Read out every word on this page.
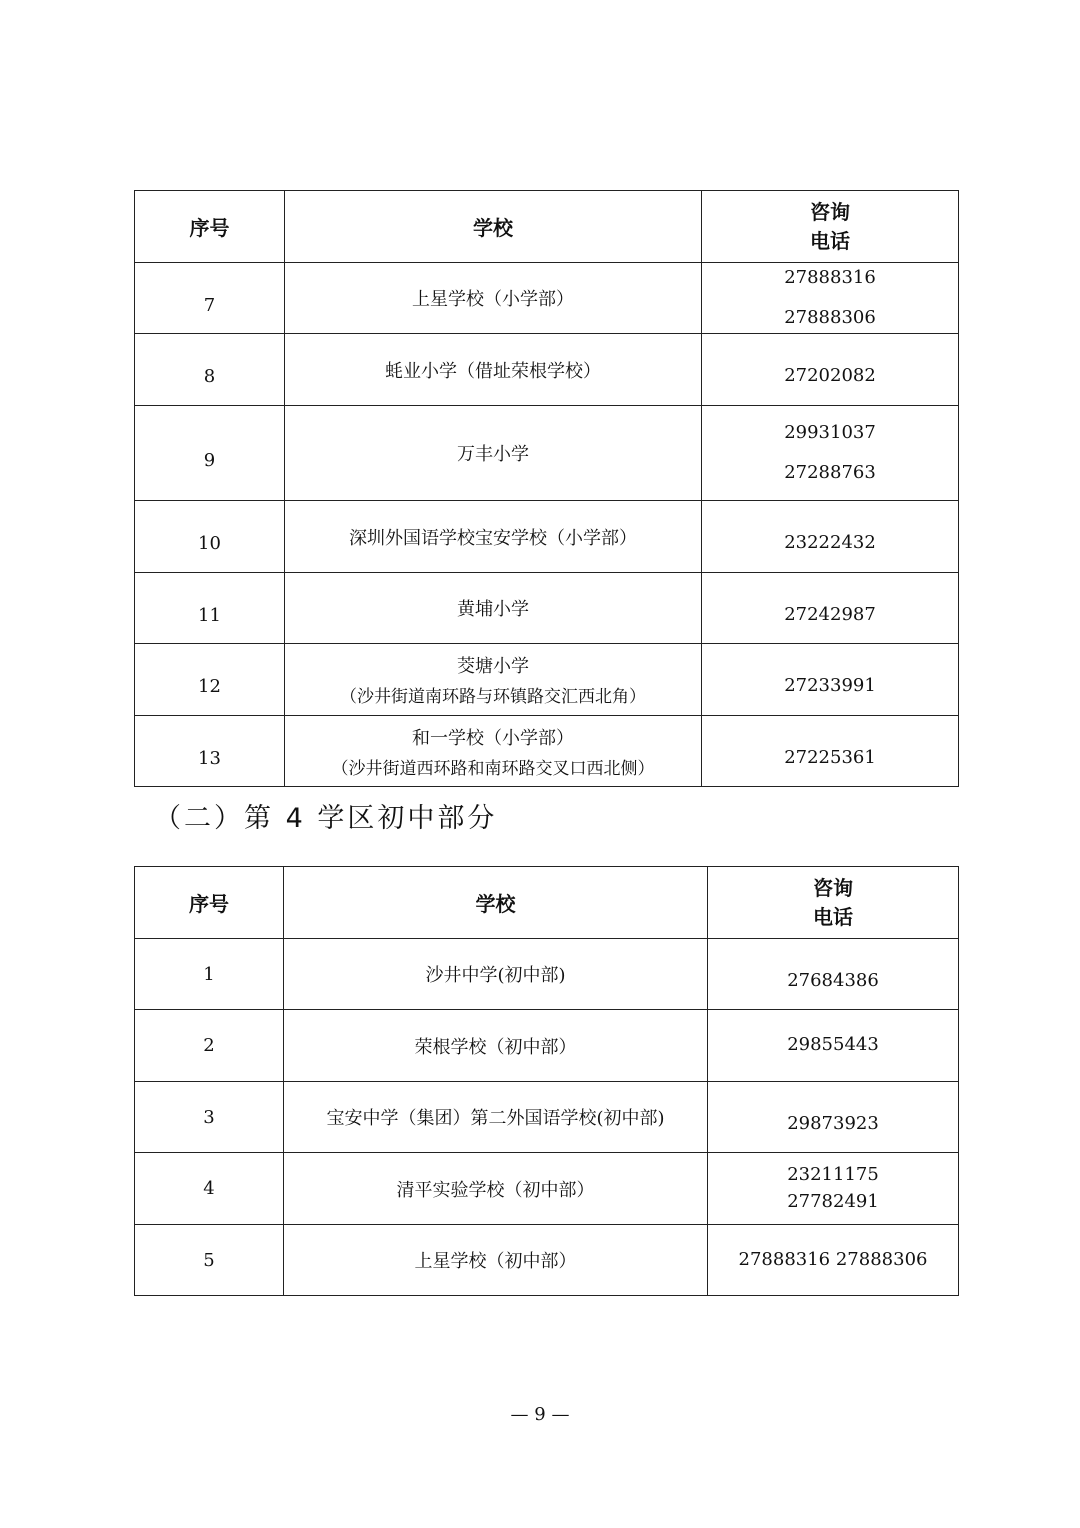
序号	学校	咨询
电话

7	上星学校（小学部）	27888316
27888306

8	蚝业小学（借址荣根学校）	27202082

9	万丰小学	29931037
27288763

10	深圳外国语学校宝安学校（小学部）	23222432

11	黄埔小学	27242987

12	茭塘小学
（沙井街道南环路与环镇路交汇西北角）	27233991

13	和一学校（小学部）
（沙井街道西环路和南环路交叉口西北侧）	27225361
（二）第 4 学区初中部分
序号	学校	咨询
电话

1	沙井中学(初中部)	27684386

2	荣根学校（初中部）	29855443

3	宝安中学（集团）第二外国语学校(初中部)	29873923

4	清平实验学校（初中部）	23211175
27782491

5	上星学校（初中部）	27888316 27888306
— 9 —
